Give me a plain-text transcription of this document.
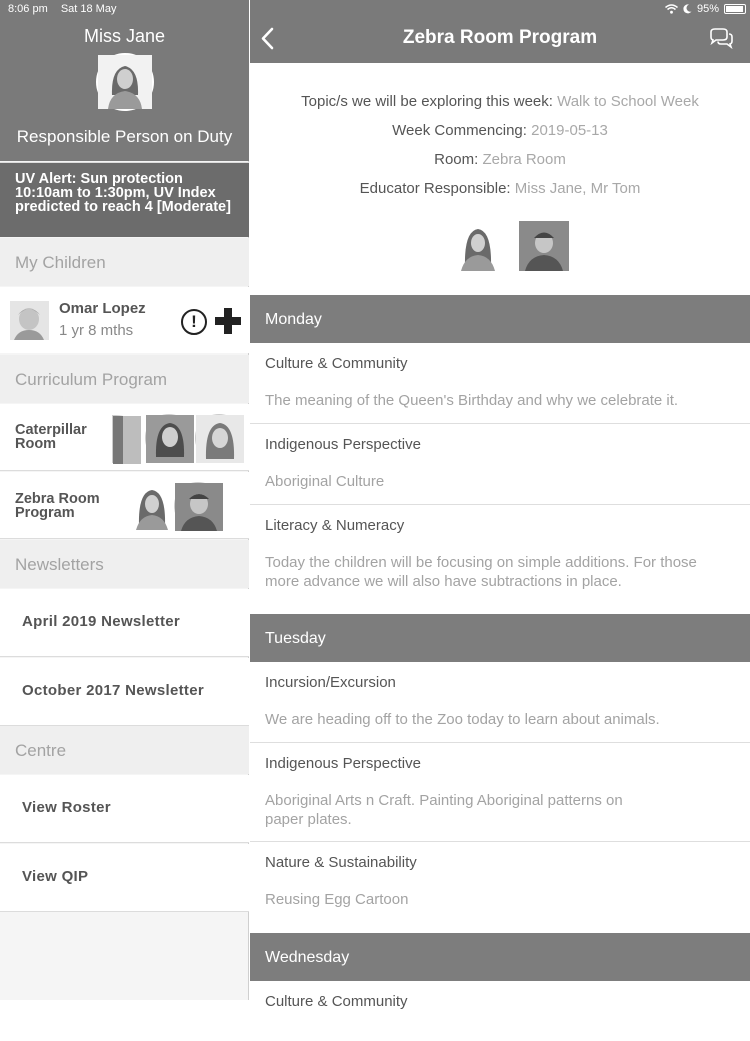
8:06 pm Sat 18 May
Miss Jane
Responsible Person on Duty
UV Alert: Sun protection 10:10am to 1:30pm, UV Index predicted to reach 4 [Moderate]
My Children
Omar Lopez
1 yr 8 mths	!
Curriculum Program
Caterpillar Room
Zebra Room Program
Newsletters
April 2019 Newsletter
October 2017 Newsletter
Centre
View Roster
View QIP
95%
Zebra Room Program
Topic/s we will be exploring this week: Walk to School Week
Week Commencing: 2019-05-13
Room: Zebra Room
Educator Responsible: Miss Jane, Mr Tom
Monday
Culture & Community
The meaning of the Queen's Birthday and why we celebrate it.
Indigenous Perspective
Aboriginal Culture
Literacy & Numeracy
Today the children will be focusing on simple additions. For those more advance we will also have subtractions in place.
Tuesday
Incursion/Excursion
We are heading off to the Zoo today to learn about animals.
Indigenous Perspective
Aboriginal Arts n Craft. Painting Aboriginal patterns on paper plates.
Nature & Sustainability
Reusing Egg Cartoon
Wednesday
Culture & Community
